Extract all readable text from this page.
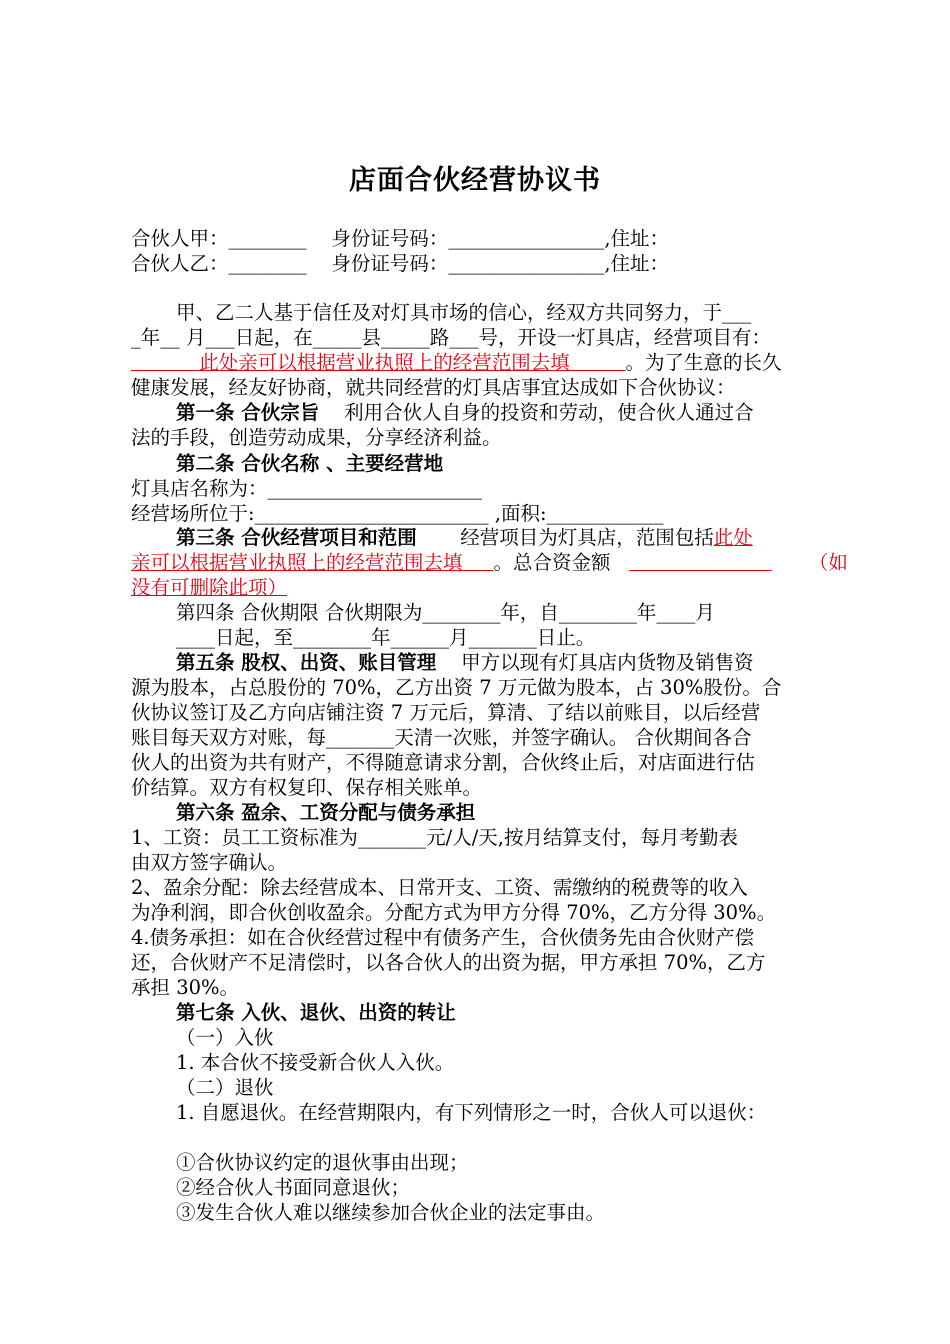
店面合伙经营协议书
合伙人甲：________ 身份证号码：________________,住址：
合伙人乙：________ 身份证号码：________________,住址：
甲、乙二人基于信任及对灯具市场的信心，经双方共同努力，于___
_年__ 月___日起，在_____县_____路___号，开设一灯具店，经营项目有：
此处亲可以根据营业执照上的经营范围去填	。为了生意的长久
健康发展，经友好协商，就共同经营的灯具店事宜达成如下合伙协议：
第一条 合伙宗旨 利用合伙人自身的投资和劳动，使合伙人通过合
法的手段，创造劳动成果，分享经济利益。
第二条 合伙名称 、主要经营地
灯具店名称为：______________________
经营场所位于:________________________ ,面积:____________
第三条 合伙经营项目和范围 经营项目为灯具店，范围包括此处
亲可以根据营业执照上的经营范围去填 。总合资金额	（如
没有可删除此项）
第四条 合伙期限 合伙期限为________年，自________年____月
____日起，至________年______月_______日止。
第五条 股权、出资、账目管理 甲方以现有灯具店内货物及销售资
源为股本，占总股份的 70%，乙方出资 7 万元做为股本，占 30%股份。合
伙协议签订及乙方向店铺注资 7 万元后，算清、了结以前账目，以后经营
账目每天双方对账，每_______天清一次账，并签字确认。 合伙期间各合
伙人的出资为共有财产，不得随意请求分割，合伙终止后，对店面进行估
价结算。双方有权复印、保存相关账单。
第六条 盈余、工资分配与债务承担
1、工资：员工工资标准为_______元/人/天,按月结算支付，每月考勤表
由双方签字确认。
2、盈余分配：除去经营成本、日常开支、工资、需缴纳的税费等的收入
为净利润，即合伙创收盈余。分配方式为甲方分得 70%，乙方分得 30%。
4.债务承担：如在合伙经营过程中有债务产生，合伙债务先由合伙财产偿
还，合伙财产不足清偿时，以各合伙人的出资为据，甲方承担 70%，乙方
承担 30%。
第七条 入伙、退伙、出资的转让
（一）入伙
1. 本合伙不接受新合伙人入伙。
（二）退伙
1. 自愿退伙。在经营期限内，有下列情形之一时，合伙人可以退伙：
①合伙协议约定的退伙事由出现；
②经合伙人书面同意退伙；
③发生合伙人难以继续参加合伙企业的法定事由。
